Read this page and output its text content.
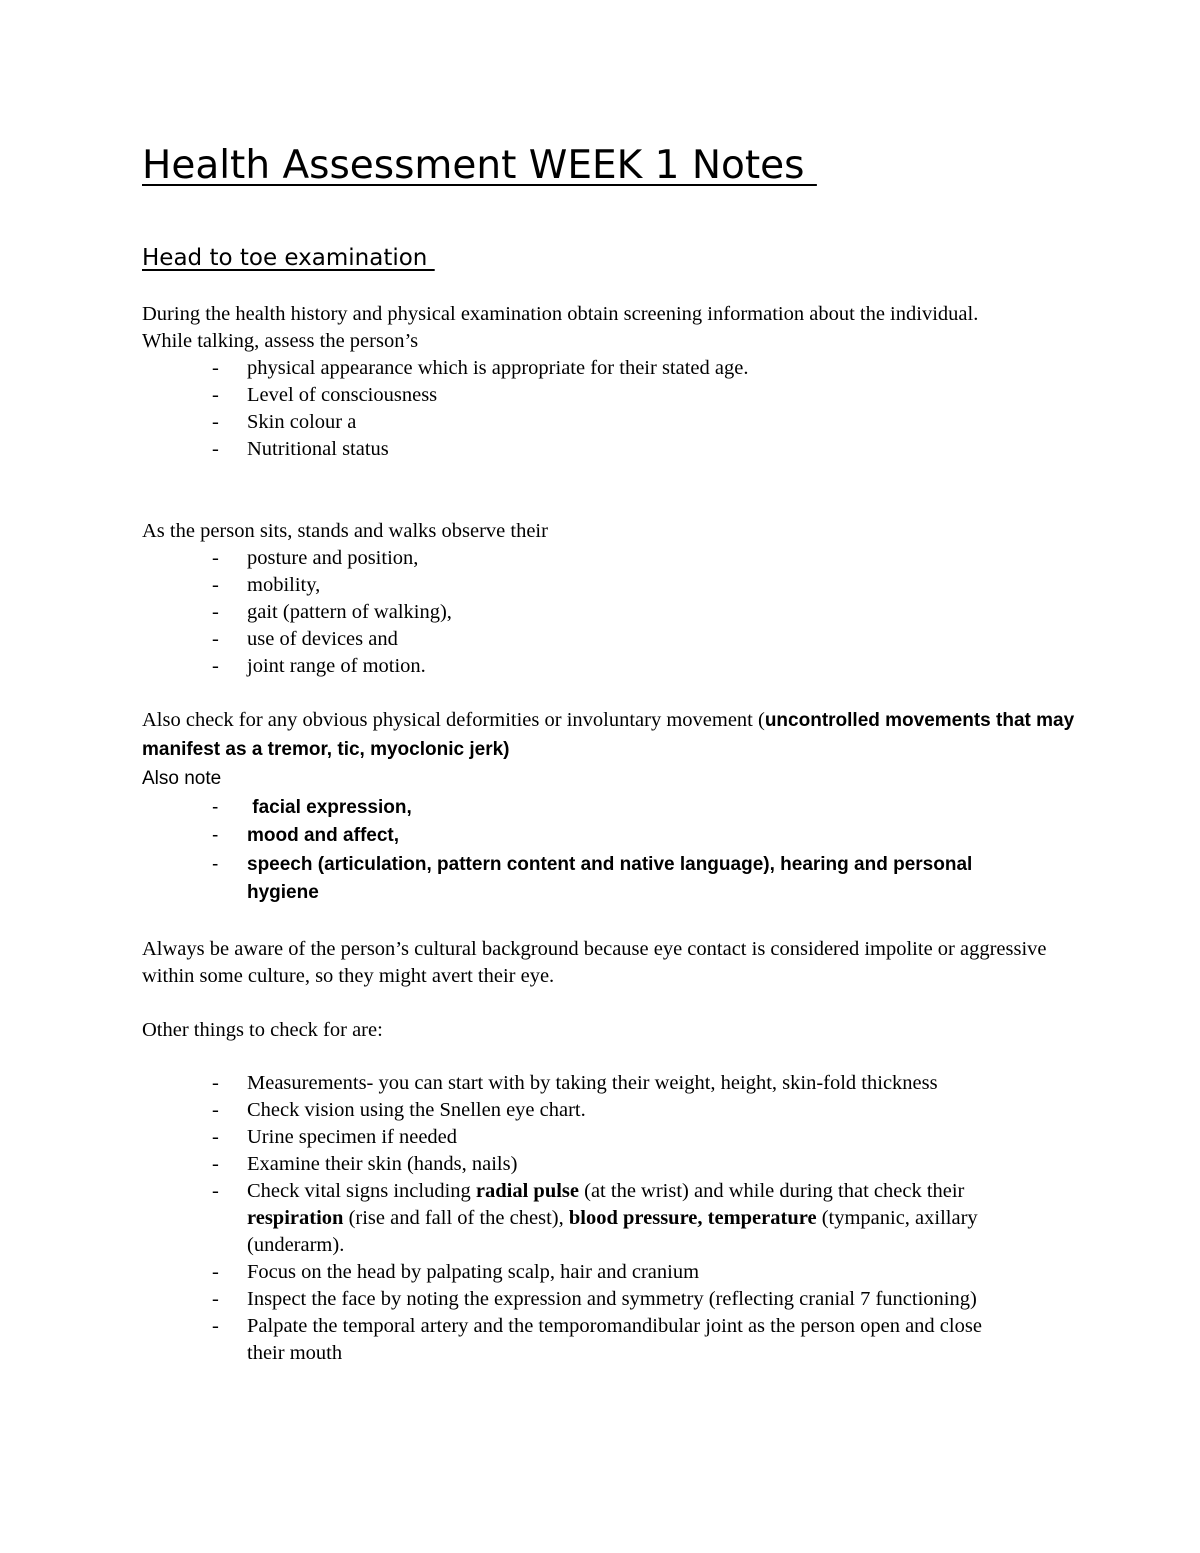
Health Assessment WEEK 1 Notes
Head to toe examination

During the health history and physical examination obtain screening information about the individual.

While talking, assess the person’s

- physical appearance which is appropriate for their stated age.
- Level of consciousness
- Skin colour a
- Nutritional status

As the person sits, stands and walks observe their

- posture and position,
- mobility,
- gait (pattern of walking),
- use of devices and
- joint range of motion.
Also check for any obvious physical deformities or involuntary movement (uncontrolled movements that may manifest as a tremor, tic, myoclonic jerk)

Also note

- facial expression,
- mood and affect,
- speech (articulation, pattern content and native language), hearing and personal hygiene

Always be aware of the person’s cultural background because eye contact is considered impolite or aggressive within some culture, so they might avert their eye.

Other things to check for are:

- Measurements- you can start with by taking their weight, height, skin-fold thickness
- Check vision using the Snellen eye chart.
- Urine specimen if needed
- Examine their skin (hands, nails)
- Check vital signs including radial pulse (at the wrist) and while during that check their respiration (rise and fall of the chest), blood pressure, temperature (tympanic, axillary (underarm).
- Focus on the head by palpating scalp, hair and cranium
- Inspect the face by noting the expression and symmetry (reflecting cranial 7 functioning)
- Palpate the temporal artery and the temporomandibular joint as the person open and close their mouth
